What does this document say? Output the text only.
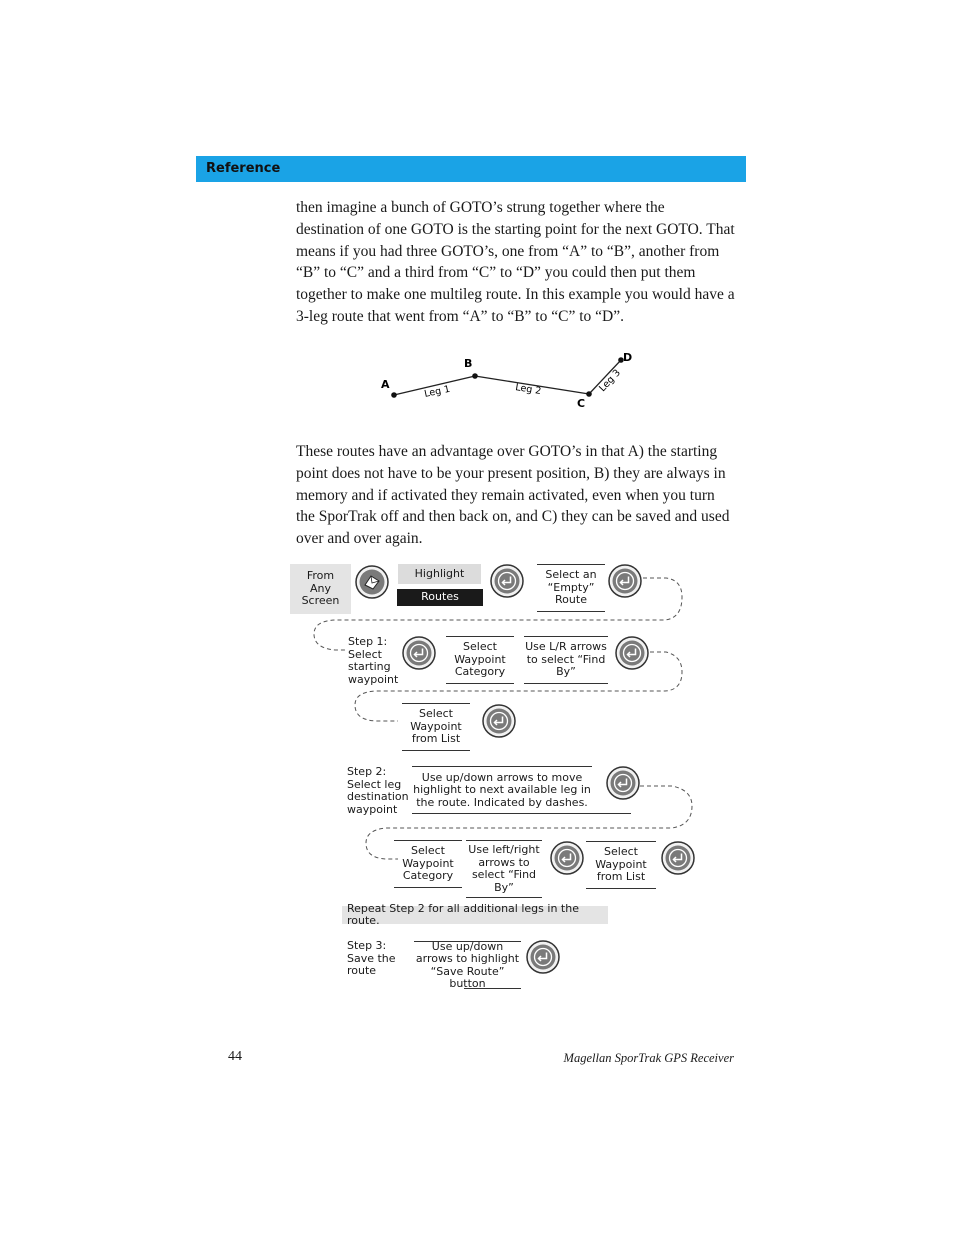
Reference
then imagine a bunch of GOTO’s strung together where the destination of one GOTO is the starting point for the next GOTO. That means if you had three GOTO’s, one from “A” to “B”, another from “B” to “C” and a third from “C” to “D” you could then put them together to make one multileg route. In this example you would have a 3-leg route that went from “A” to “B” to “C” to “D”.
A
B
C
D
Leg 1	Leg 2	Leg 3
These routes have an advantage over GOTO’s in that A) the starting point does not have to be your present position, B) they are always in memory and if activated they remain activated, even when you turn the SporTrak off and then back on, and C) they can be saved and used over and over again.
From Any Screen
Highlight
Routes
Select an “Empty” Route
Step 1: Select starting waypoint
Select Waypoint Category
Use L/R arrows to select “Find By”
Select Waypoint from List
Step 2: Select leg destination waypoint
Use up/down arrows to move highlight to next available leg in the route. Indicated by dashes.
Select Waypoint Category
Use left/right arrows to select “Find By”
Select Waypoint from List
Repeat Step 2 for all additional legs in the route.
Step 3: Save the route
Use up/down arrows to highlight “Save Route” button
44	Magellan SporTrak GPS Receiver
